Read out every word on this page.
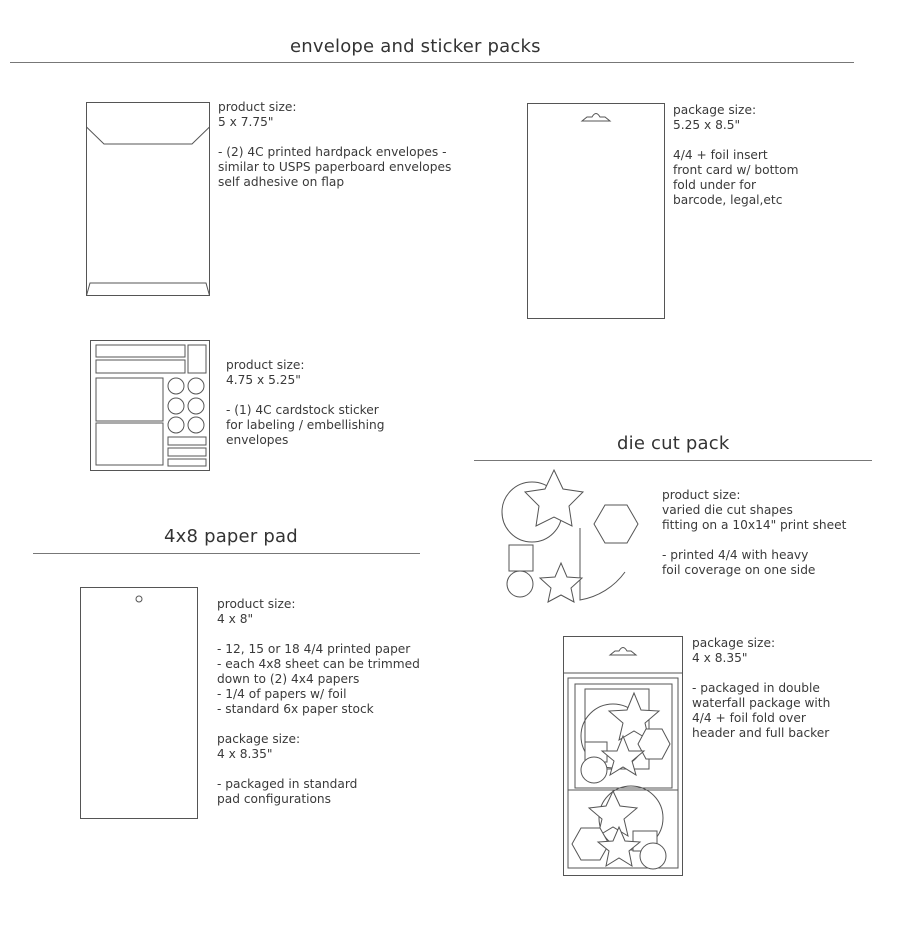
envelope and sticker packs
product size:
5 x 7.75"
- (2) 4C printed hardpack envelopes -
similar to USPS paperboard envelopes
self adhesive on flap
package size:
5.25 x 8.5"
4/4 + foil insert
front card w/ bottom
fold under for
barcode, legal,etc
product size:
4.75 x 5.25"
- (1) 4C cardstock sticker
for labeling / embellishing
envelopes	die cut pack
product size:
varied die cut shapes
fitting on a 10x14" print sheet
- printed 4/4 with heavy
foil coverage on one side
package size:
4 x 8.35"
- packaged in double
waterfall package with
4/4 + foil fold over
header and full backer
4x8 paper pad
product size:
4 x 8"
- 12, 15 or 18 4/4 printed paper
- each 4x8 sheet can be trimmed
down to (2) 4x4 papers
- 1/4 of papers w/ foil
- standard 6x paper stock
package size:
4 x 8.35"
- packaged in standard
pad configurations
